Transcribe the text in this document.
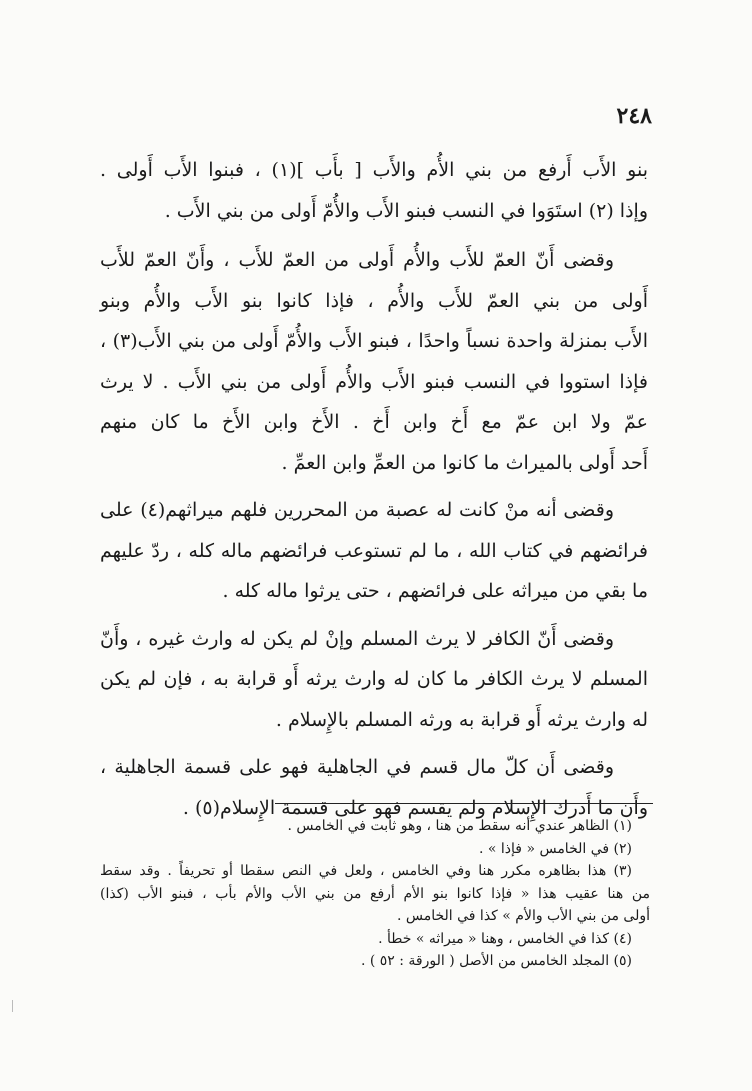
٢٤٨

بنو الأَب أَرفع من بني الأُم والأَب [ بأَب ](١) ، فبنوا الأَب أَولى .
وإذا (٢) استَوَوا في النسب فبنو الأَب والأُمّ أَولى من بني الأَب .

وقضى أَنّ العمّ للأَب والأُم أَولى من العمّ للأَب ، وأَنّ العمّ للأَب
أَولى من بني العمّ للأَب والأُم ، فإذا كانوا بنو الأَب والأُم وبنو
الأَب بمنزلة واحدة نسباً واحدًا ، فبنو الأَب والأُمّ أَولى من بني الأَب(٣) ،
فإذا استووا في النسب فبنو الأَب والأُم أَولى من بني الأَب . لا يرث
عمّ ولا ابن عمّ مع أَخ وابن أَخ . الأَخ وابن الأَخ ما كان منهم
أَحد أَولى بالميراث ما كانوا من العمِّ وابن العمِّ .

وقضى أنه منْ كانت له عصبة من المحررين فلهم ميراثهم(٤) على
فرائضهم في كتاب الله ، ما لم تستوعب فرائضهم ماله كله ، ردّ عليهم
ما بقي من ميراثه على فرائضهم ، حتى يرثوا ماله كله .

وقضى أَنّ الكافر لا يرث المسلم وإنْ لم يكن له وارث غيره ، وأَنّ
المسلم لا يرث الكافر ما كان له وارث يرثه أَو قرابة به ، فإن لم يكن
له وارث يرثه أَو قرابة به ورثه المسلم بالإِسلام .

وقضى أَن كلّ مال قسم في الجاهلية فهو على قسمة الجاهلية ،
وأَن ما أَدرك الإِسلام ولم يقسم فهو على قسمة الإِسلام(٥) .

(١) الظاهر عندي أنه سقط من هنا ، وهو ثابت في الخامس .
(٢) في الخامس « فإذا » .
(٣) هذا بظاهره مكرر هنا وفي الخامس ، ولعل في النص سقطا أو تحريفاً . وقد سقط
من هنا عقيب هذا « فإذا كانوا بنو الأم أرفع من بني الأب والأم بأب ، فبنو الأب (كذا)
أولى من بني الأب والأم » كذا في الخامس .
(٤) كذا في الخامس ، وهنا « ميراثه » خطأ .
(٥) المجلد الخامس من الأصل ( الورقة : ٥٢ ) .
